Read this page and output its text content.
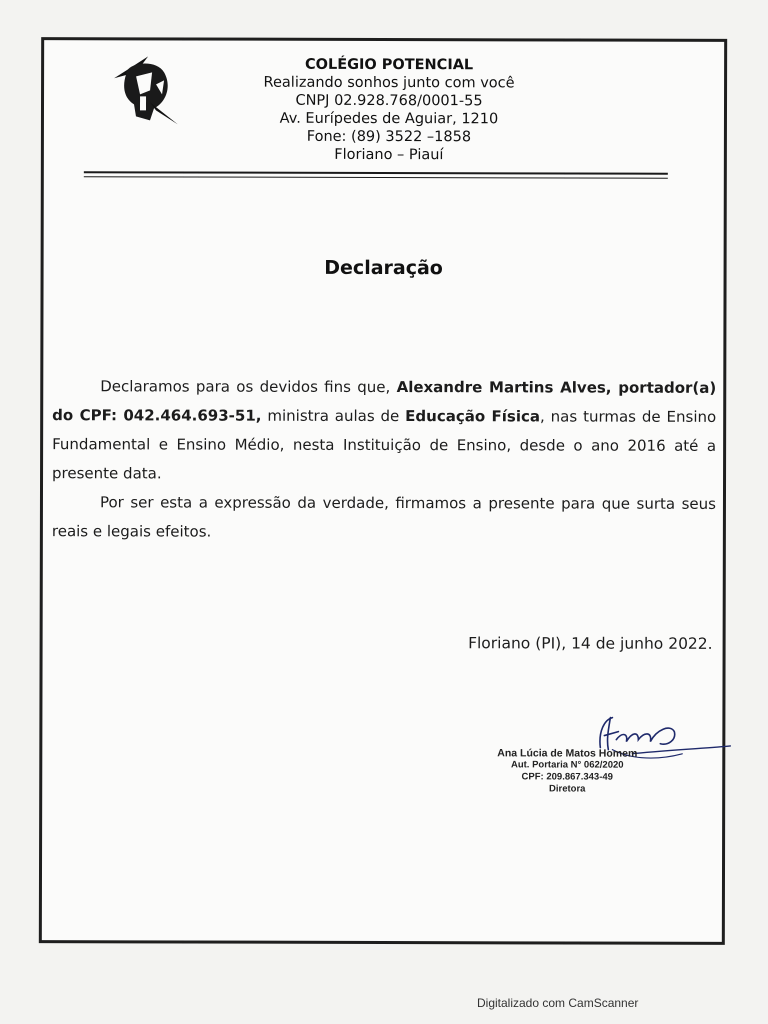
COLÉGIO POTENCIAL
Realizando sonhos junto com você
CNPJ 02.928.768/0001-55
Av. Eurípedes de Aguiar, 1210
Fone: (89) 3522 –1858
Floriano – Piauí
Declaração

Declaramos para os devidos fins que, Alexandre Martins Alves, portador(a) do CPF: 042.464.693-51, ministra aulas de Educação Física, nas turmas de Ensino Fundamental e Ensino Médio, nesta Instituição de Ensino, desde o ano 2016 até a presente data.

Por ser esta a expressão da verdade, firmamos a presente para que surta seus reais e legais efeitos.

Floriano (PI), 14 de junho 2022.
Ana Lúcia de Matos Homem
Aut. Portaria N° 062/2020
CPF: 209.867.343-49
Diretora
Digitalizado com CamScanner
